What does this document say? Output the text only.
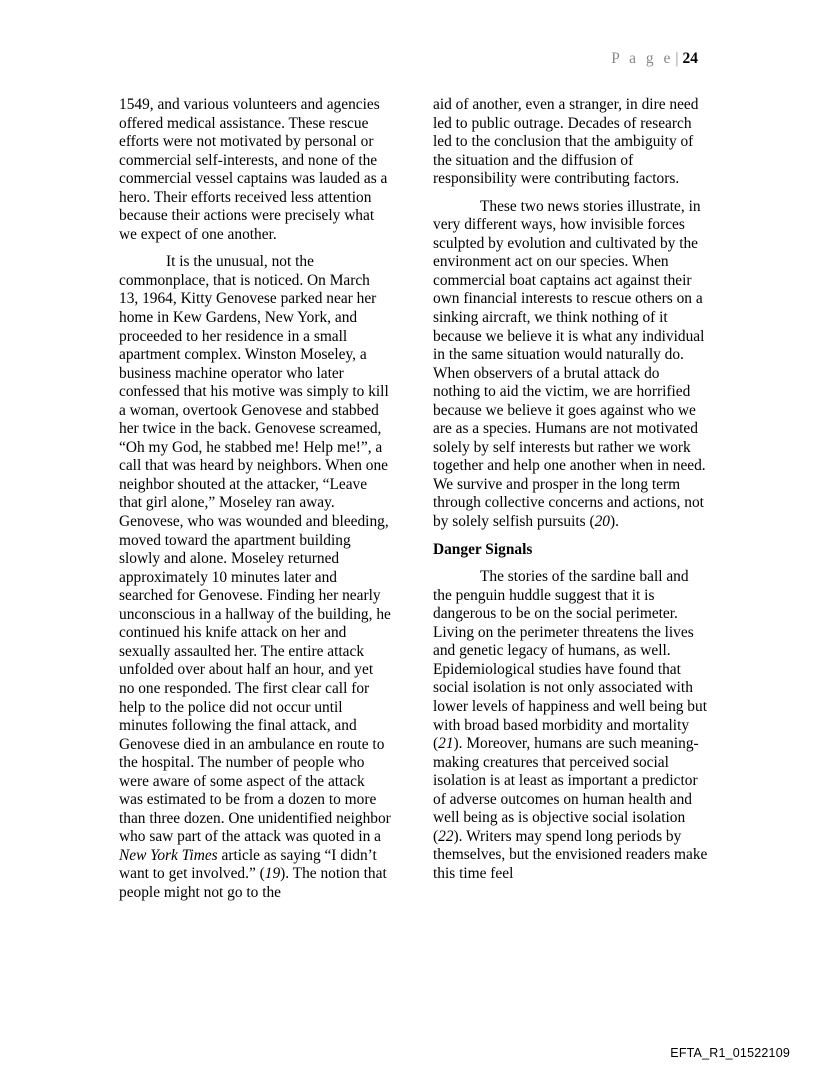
P a g e | 24

1549, and various volunteers and agencies offered medical assistance. These rescue efforts were not motivated by personal or commercial self-interests, and none of the commercial vessel captains was lauded as a hero. Their efforts received less attention because their actions were precisely what we expect of one another.

It is the unusual, not the commonplace, that is noticed. On March 13, 1964, Kitty Genovese parked near her home in Kew Gardens, New York, and proceeded to her residence in a small apartment complex. Winston Moseley, a business machine operator who later confessed that his motive was simply to kill a woman, overtook Genovese and stabbed her twice in the back. Genovese screamed, “Oh my God, he stabbed me! Help me!”, a call that was heard by neighbors. When one neighbor shouted at the attacker, “Leave that girl alone,” Moseley ran away. Genovese, who was wounded and bleeding, moved toward the apartment building slowly and alone. Moseley returned approximately 10 minutes later and searched for Genovese. Finding her nearly unconscious in a hallway of the building, he continued his knife attack on her and sexually assaulted her. The entire attack unfolded over about half an hour, and yet no one responded. The first clear call for help to the police did not occur until minutes following the final attack, and Genovese died in an ambulance en route to the hospital. The number of people who were aware of some aspect of the attack was estimated to be from a dozen to more than three dozen. One unidentified neighbor who saw part of the attack was quoted in a New York Times article as saying “I didn’t want to get involved.” (19). The notion that people might not go to the

aid of another, even a stranger, in dire need led to public outrage. Decades of research led to the conclusion that the ambiguity of the situation and the diffusion of responsibility were contributing factors.

These two news stories illustrate, in very different ways, how invisible forces sculpted by evolution and cultivated by the environment act on our species. When commercial boat captains act against their own financial interests to rescue others on a sinking aircraft, we think nothing of it because we believe it is what any individual in the same situation would naturally do. When observers of a brutal attack do nothing to aid the victim, we are horrified because we believe it goes against who we are as a species. Humans are not motivated solely by self interests but rather we work together and help one another when in need. We survive and prosper in the long term through collective concerns and actions, not by solely selfish pursuits (20).

Danger Signals

The stories of the sardine ball and the penguin huddle suggest that it is dangerous to be on the social perimeter. Living on the perimeter threatens the lives and genetic legacy of humans, as well. Epidemiological studies have found that social isolation is not only associated with lower levels of happiness and well being but with broad based morbidity and mortality (21). Moreover, humans are such meaning-making creatures that perceived social isolation is at least as important a predictor of adverse outcomes on human health and well being as is objective social isolation (22). Writers may spend long periods by themselves, but the envisioned readers make this time feel

EFTA_R1_01522109
